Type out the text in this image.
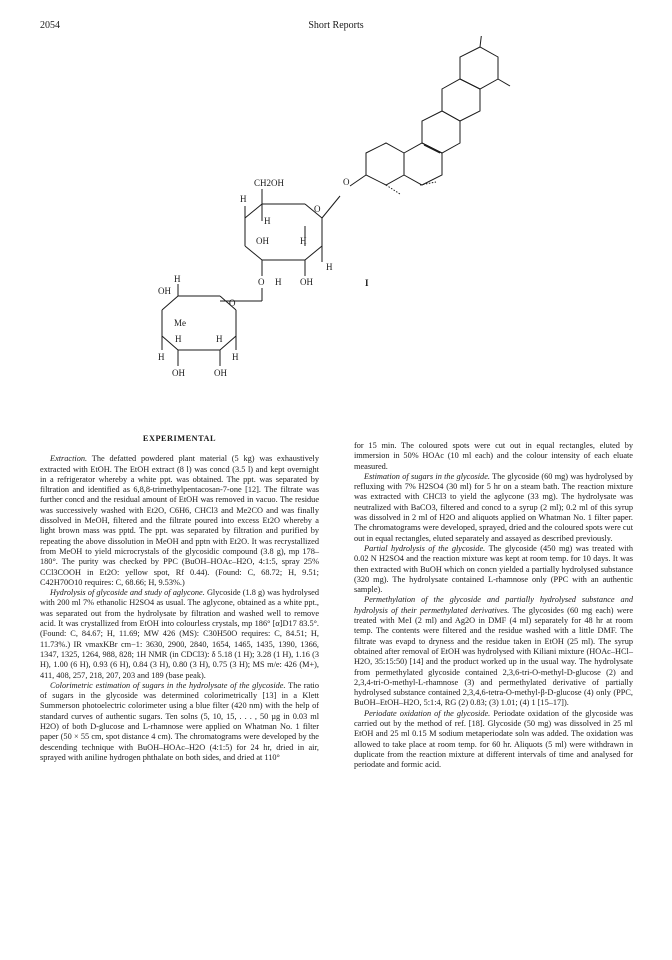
2054	Short Reports
CH2OH	O
H
O
H
OH	H
H
O H OH
H
OH
O
Me
H	H
H	H
OH	OH
I
EXPERIMENTAL

Extraction. The defatted powdered plant material (5 kg) was exhaustively extracted with EtOH. The EtOH extract (8 l) was concd (3.5 l) and kept overnight in a refrigerator whereby a white ppt. was obtained. The ppt. was separated by filtration and identified as 6,8,8-trimethylpentacosan-7-one [12]. The filtrate was further concd and the residual amount of EtOH was removed in vacuo. The residue was successively washed with Et2O, C6H6, CHCl3 and Me2CO and was finally dissolved in MeOH, filtered and the filtrate poured into excess Et2O whereby a light brown mass was pptd. The ppt. was separated by filtration and purified by repeating the above dissolution in MeOH and pptn with Et2O. It was recrystallized from MeOH to yield microcrystals of the glycosidic compound (3.8 g), mp 178–180°. The purity was checked by PPC (BuOH–HOAc–H2O, 4:1:5, spray 25% CCl3COOH in Et2O: yellow spot, Rf 0.44). (Found: C, 68.72; H, 9.51; C42H70O10 requires: C, 68.66; H, 9.53%.)

Hydrolysis of glycoside and study of aglycone. Glycoside (1.8 g) was hydrolysed with 200 ml 7% ethanolic H2SO4 as usual. The aglycone, obtained as a white ppt., was separated out from the hydrolysate by filtration and washed well to remove acid. It was crystallized from EtOH into colourless crystals, mp 186° [α]D17 83.5°. (Found: C, 84.67; H, 11.69; MW 426 (MS): C30H50O requires: C, 84.51; H, 11.73%.) IR νmaxKBr cm−1: 3630, 2900, 2840, 1654, 1465, 1435, 1390, 1366, 1347, 1325, 1264, 988, 828; 1H NMR (in CDCl3): δ 5.18 (1 H); 3.28 (1 H), 1.16 (3 H), 1.00 (6 H), 0.93 (6 H), 0.84 (3 H), 0.80 (3 H), 0.75 (3 H); MS m/e: 426 (M+), 411, 408, 257, 218, 207, 203 and 189 (base peak).

Colorimetric estimation of sugars in the hydrolysate of the glycoside. The ratio of sugars in the glycoside was determined colorimetrically [13] in a Klett Summerson photoelectric colorimeter using a blue filter (420 nm) with the help of standard curves of authentic sugars. Ten solns (5, 10, 15, . . . , 50 µg in 0.03 ml H2O) of both D-glucose and L-rhamnose were applied on Whatman No. 1 filter paper (50 × 55 cm, spot distance 4 cm). The chromatograms were developed by the descending technique with BuOH–HOAc–H2O (4:1:5) for 24 hr, dried in air, sprayed with aniline hydrogen phthalate on both sides, and dried at 110°

for 15 min. The coloured spots were cut out in equal rectangles, eluted by immersion in 50% HOAc (10 ml each) and the colour intensity of each eluate measured.

Estimation of sugars in the glycoside. The glycoside (60 mg) was hydrolysed by refluxing with 7% H2SO4 (30 ml) for 5 hr on a steam bath. The reaction mixture was extracted with CHCl3 to yield the aglycone (33 mg). The hydrolysate was neutralized with BaCO3, filtered and concd to a syrup (2 ml); 0.2 ml of this syrup was dissolved in 2 ml of H2O and aliquots applied on Whatman No. 1 filter paper. The chromatograms were developed, sprayed, dried and the coloured spots were cut out in equal rectangles, eluted separately and assayed as described previously.

Partial hydrolysis of the glycoside. The glycoside (450 mg) was treated with 0.02 N H2SO4 and the reaction mixture was kept at room temp. for 10 days. It was then extracted with BuOH which on concn yielded a partially hydrolysed substance (320 mg). The hydrolysate contained L-rhamnose only (PPC with an authentic sample).

Permethylation of the glycoside and partially hydrolysed substance and hydrolysis of their permethylated derivatives. The glycosides (60 mg each) were treated with MeI (2 ml) and Ag2O in DMF (4 ml) separately for 48 hr at room temp. The contents were filtered and the residue washed with a little DMF. The filtrate was evapd to dryness and the residue taken in EtOH (25 ml). The syrup obtained after removal of EtOH was hydrolysed with Kiliani mixture (HOAc–HCl–H2O, 35:15:50) [14] and the product worked up in the usual way. The hydrolysate from permethylated glycoside contained 2,3,6-tri-O-methyl-D-glucose (2) and 2,3,4-tri-O-methyl-L-rhamnose (3) and permethylated derivative of partially hydrolysed substance contained 2,3,4,6-tetra-O-methyl-β-D-glucose (4) only (PPC, BuOH–EtOH–H2O, 5:1:4, RG (2) 0.83; (3) 1.01; (4) 1 [15–17]).

Periodate oxidation of the glycoside. Periodate oxidation of the glycoside was carried out by the method of ref. [18]. Glycoside (50 mg) was dissolved in 25 ml EtOH and 25 ml 0.15 M sodium metaperiodate soln was added. The oxidation was allowed to take place at room temp. for 60 hr. Aliquots (5 ml) were withdrawn in duplicate from the reaction mixture at different intervals of time and analysed for periodate and formic acid.
